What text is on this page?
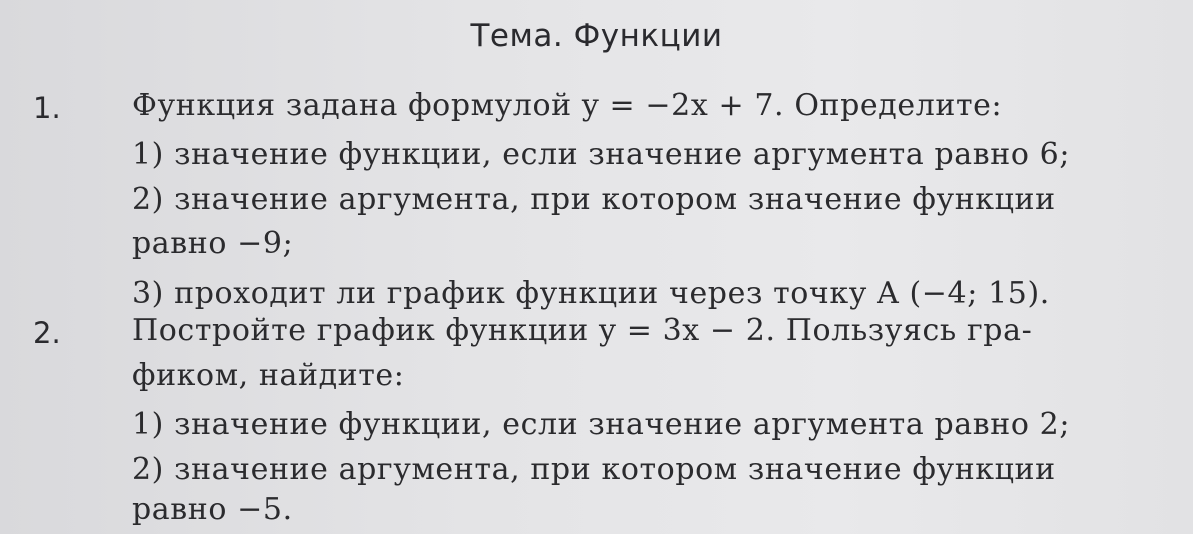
Тема. Функции
1. Функция задана формулой y = −2x + 7. Определите:
1) значение функции, если значение аргумента равно 6;
2) значение аргумента, при котором значение функции
равно −9;
3) проходит ли график функции через точку A (−4; 15).
2. Постройте график функции y = 3x − 2. Пользуясь гра-
фиком, найдите:
1) значение функции, если значение аргумента равно 2;
2) значение аргумента, при котором значение функции
равно −5.
